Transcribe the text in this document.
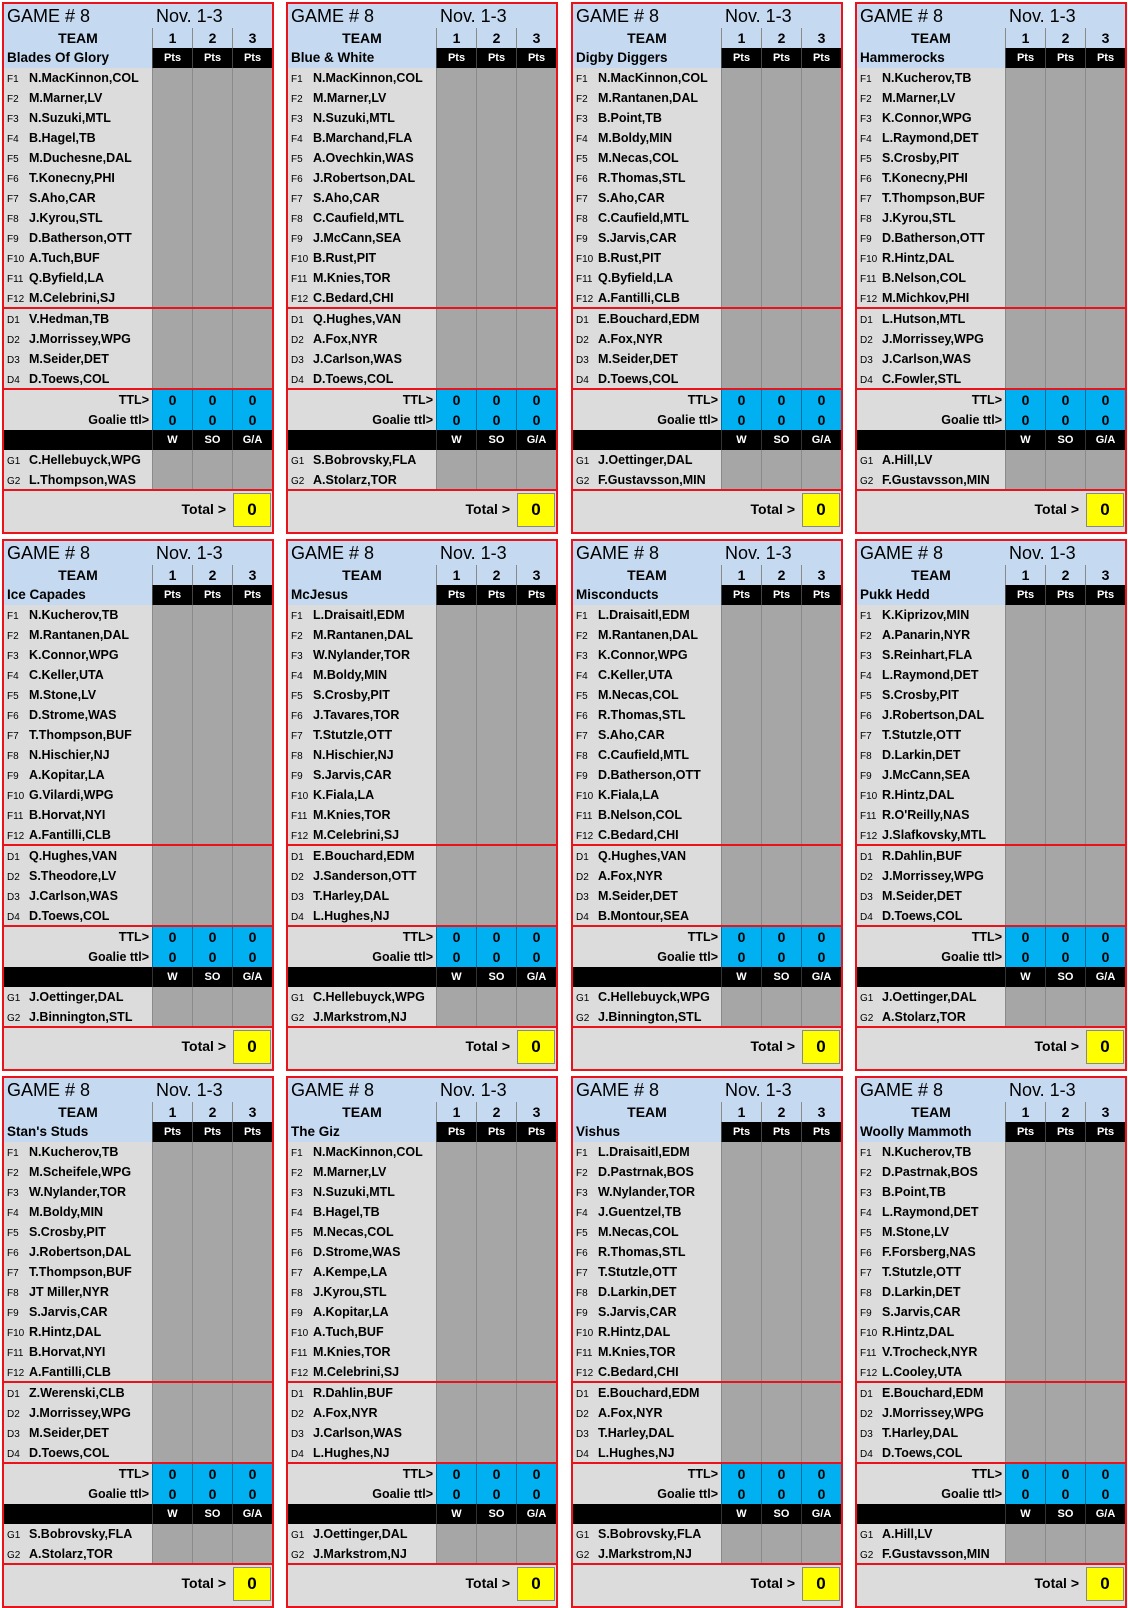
GAME # 8	Nov. 1-3
TEAM	1	2	3
Blades Of Glory	Pts	Pts	Pts
F1 N.MacKinnon,COL
F2 M.Marner,LV
F3 N.Suzuki,MTL
F4 B.Hagel,TB
F5 M.Duchesne,DAL
F6 T.Konecny,PHI
F7 S.Aho,CAR
F8 J.Kyrou,STL
F9 D.Batherson,OTT
F10 A.Tuch,BUF
F11 Q.Byfield,LA
F12 M.Celebrini,SJ
D1 V.Hedman,TB
D2 J.Morrissey,WPG
D3 M.Seider,DET
D4 D.Toews,COL
TTL>	0	0	0
Goalie ttl>	0	0	0
W	SO	G/A
G1 C.Hellebuyck,WPG
G2 L.Thompson,WAS
Total >	0
GAME # 8	Nov. 1-3
TEAM	1	2	3
Blue & White	Pts	Pts	Pts
F1 N.MacKinnon,COL
F2 M.Marner,LV
F3 N.Suzuki,MTL
F4 B.Marchand,FLA
F5 A.Ovechkin,WAS
F6 J.Robertson,DAL
F7 S.Aho,CAR
F8 C.Caufield,MTL
F9 J.McCann,SEA
F10 B.Rust,PIT
F11 M.Knies,TOR
F12 C.Bedard,CHI
D1 Q.Hughes,VAN
D2 A.Fox,NYR
D3 J.Carlson,WAS
D4 D.Toews,COL
TTL>	0	0	0
Goalie ttl>	0	0	0
W	SO	G/A
G1 S.Bobrovsky,FLA
G2 A.Stolarz,TOR
Total >	0
GAME # 8	Nov. 1-3
TEAM	1	2	3
Digby Diggers	Pts	Pts	Pts
F1 N.MacKinnon,COL
F2 M.Rantanen,DAL
F3 B.Point,TB
F4 M.Boldy,MIN
F5 M.Necas,COL
F6 R.Thomas,STL
F7 S.Aho,CAR
F8 C.Caufield,MTL
F9 S.Jarvis,CAR
F10 B.Rust,PIT
F11 Q.Byfield,LA
F12 A.Fantilli,CLB
D1 E.Bouchard,EDM
D2 A.Fox,NYR
D3 M.Seider,DET
D4 D.Toews,COL
TTL>	0	0	0
Goalie ttl>	0	0	0
W	SO	G/A
G1 J.Oettinger,DAL
G2 F.Gustavsson,MIN
Total >	0
GAME # 8	Nov. 1-3
TEAM	1	2	3
Hammerocks	Pts	Pts	Pts
F1 N.Kucherov,TB
F2 M.Marner,LV
F3 K.Connor,WPG
F4 L.Raymond,DET
F5 S.Crosby,PIT
F6 T.Konecny,PHI
F7 T.Thompson,BUF
F8 J.Kyrou,STL
F9 D.Batherson,OTT
F10 R.Hintz,DAL
F11 B.Nelson,COL
F12 M.Michkov,PHI
D1 L.Hutson,MTL
D2 J.Morrissey,WPG
D3 J.Carlson,WAS
D4 C.Fowler,STL
TTL>	0	0	0
Goalie ttl>	0	0	0
W	SO	G/A
G1 A.Hill,LV
G2 F.Gustavsson,MIN
Total >	0
GAME # 8	Nov. 1-3
TEAM	1	2	3
Ice Capades	Pts	Pts	Pts
F1 N.Kucherov,TB
F2 M.Rantanen,DAL
F3 K.Connor,WPG
F4 C.Keller,UTA
F5 M.Stone,LV
F6 D.Strome,WAS
F7 T.Thompson,BUF
F8 N.Hischier,NJ
F9 A.Kopitar,LA
F10 G.Vilardi,WPG
F11 B.Horvat,NYI
F12 A.Fantilli,CLB
D1 Q.Hughes,VAN
D2 S.Theodore,LV
D3 J.Carlson,WAS
D4 D.Toews,COL
TTL>	0	0	0
Goalie ttl>	0	0	0
W	SO	G/A
G1 J.Oettinger,DAL
G2 J.Binnington,STL
Total >	0
GAME # 8	Nov. 1-3
TEAM	1	2	3
McJesus	Pts	Pts	Pts
F1 L.Draisaitl,EDM
F2 M.Rantanen,DAL
F3 W.Nylander,TOR
F4 M.Boldy,MIN
F5 S.Crosby,PIT
F6 J.Tavares,TOR
F7 T.Stutzle,OTT
F8 N.Hischier,NJ
F9 S.Jarvis,CAR
F10 K.Fiala,LA
F11 M.Knies,TOR
F12 M.Celebrini,SJ
D1 E.Bouchard,EDM
D2 J.Sanderson,OTT
D3 T.Harley,DAL
D4 L.Hughes,NJ
TTL>	0	0	0
Goalie ttl>	0	0	0
W	SO	G/A
G1 C.Hellebuyck,WPG
G2 J.Markstrom,NJ
Total >	0
GAME # 8	Nov. 1-3
TEAM	1	2	3
Misconducts	Pts	Pts	Pts
F1 L.Draisaitl,EDM
F2 M.Rantanen,DAL
F3 K.Connor,WPG
F4 C.Keller,UTA
F5 M.Necas,COL
F6 R.Thomas,STL
F7 S.Aho,CAR
F8 C.Caufield,MTL
F9 D.Batherson,OTT
F10 K.Fiala,LA
F11 B.Nelson,COL
F12 C.Bedard,CHI
D1 Q.Hughes,VAN
D2 A.Fox,NYR
D3 M.Seider,DET
D4 B.Montour,SEA
TTL>	0	0	0
Goalie ttl>	0	0	0
W	SO	G/A
G1 C.Hellebuyck,WPG
G2 J.Binnington,STL
Total >	0
GAME # 8	Nov. 1-3
TEAM	1	2	3
Pukk Hedd	Pts	Pts	Pts
F1 K.Kiprizov,MIN
F2 A.Panarin,NYR
F3 S.Reinhart,FLA
F4 L.Raymond,DET
F5 S.Crosby,PIT
F6 J.Robertson,DAL
F7 T.Stutzle,OTT
F8 D.Larkin,DET
F9 J.McCann,SEA
F10 R.Hintz,DAL
F11 R.O'Reilly,NAS
F12 J.Slafkovsky,MTL
D1 R.Dahlin,BUF
D2 J.Morrissey,WPG
D3 M.Seider,DET
D4 D.Toews,COL
TTL>	0	0	0
Goalie ttl>	0	0	0
W	SO	G/A
G1 J.Oettinger,DAL
G2 A.Stolarz,TOR
Total >	0
GAME # 8	Nov. 1-3
TEAM	1	2	3
Stan's Studs	Pts	Pts	Pts
F1 N.Kucherov,TB
F2 M.Scheifele,WPG
F3 W.Nylander,TOR
F4 M.Boldy,MIN
F5 S.Crosby,PIT
F6 J.Robertson,DAL
F7 T.Thompson,BUF
F8 JT Miller,NYR
F9 S.Jarvis,CAR
F10 R.Hintz,DAL
F11 B.Horvat,NYI
F12 A.Fantilli,CLB
D1 Z.Werenski,CLB
D2 J.Morrissey,WPG
D3 M.Seider,DET
D4 D.Toews,COL
TTL>	0	0	0
Goalie ttl>	0	0	0
W	SO	G/A
G1 S.Bobrovsky,FLA
G2 A.Stolarz,TOR
Total >	0
GAME # 8	Nov. 1-3
TEAM	1	2	3
The Giz	Pts	Pts	Pts
F1 N.MacKinnon,COL
F2 M.Marner,LV
F3 N.Suzuki,MTL
F4 B.Hagel,TB
F5 M.Necas,COL
F6 D.Strome,WAS
F7 A.Kempe,LA
F8 J.Kyrou,STL
F9 A.Kopitar,LA
F10 A.Tuch,BUF
F11 M.Knies,TOR
F12 M.Celebrini,SJ
D1 R.Dahlin,BUF
D2 A.Fox,NYR
D3 J.Carlson,WAS
D4 L.Hughes,NJ
TTL>	0	0	0
Goalie ttl>	0	0	0
W	SO	G/A
G1 J.Oettinger,DAL
G2 J.Markstrom,NJ
Total >	0
GAME # 8	Nov. 1-3
TEAM	1	2	3
Vishus	Pts	Pts	Pts
F1 L.Draisaitl,EDM
F2 D.Pastrnak,BOS
F3 W.Nylander,TOR
F4 J.Guentzel,TB
F5 M.Necas,COL
F6 R.Thomas,STL
F7 T.Stutzle,OTT
F8 D.Larkin,DET
F9 S.Jarvis,CAR
F10 R.Hintz,DAL
F11 M.Knies,TOR
F12 C.Bedard,CHI
D1 E.Bouchard,EDM
D2 A.Fox,NYR
D3 T.Harley,DAL
D4 L.Hughes,NJ
TTL>	0	0	0
Goalie ttl>	0	0	0
W	SO	G/A
G1 S.Bobrovsky,FLA
G2 J.Markstrom,NJ
Total >	0
GAME # 8	Nov. 1-3
TEAM	1	2	3
Woolly Mammoth	Pts	Pts	Pts
F1 N.Kucherov,TB
F2 D.Pastrnak,BOS
F3 B.Point,TB
F4 L.Raymond,DET
F5 M.Stone,LV
F6 F.Forsberg,NAS
F7 T.Stutzle,OTT
F8 D.Larkin,DET
F9 S.Jarvis,CAR
F10 R.Hintz,DAL
F11 V.Trocheck,NYR
F12 L.Cooley,UTA
D1 E.Bouchard,EDM
D2 J.Morrissey,WPG
D3 T.Harley,DAL
D4 D.Toews,COL
TTL>	0	0	0
Goalie ttl>	0	0	0
W	SO	G/A
G1 A.Hill,LV
G2 F.Gustavsson,MIN
Total >	0
